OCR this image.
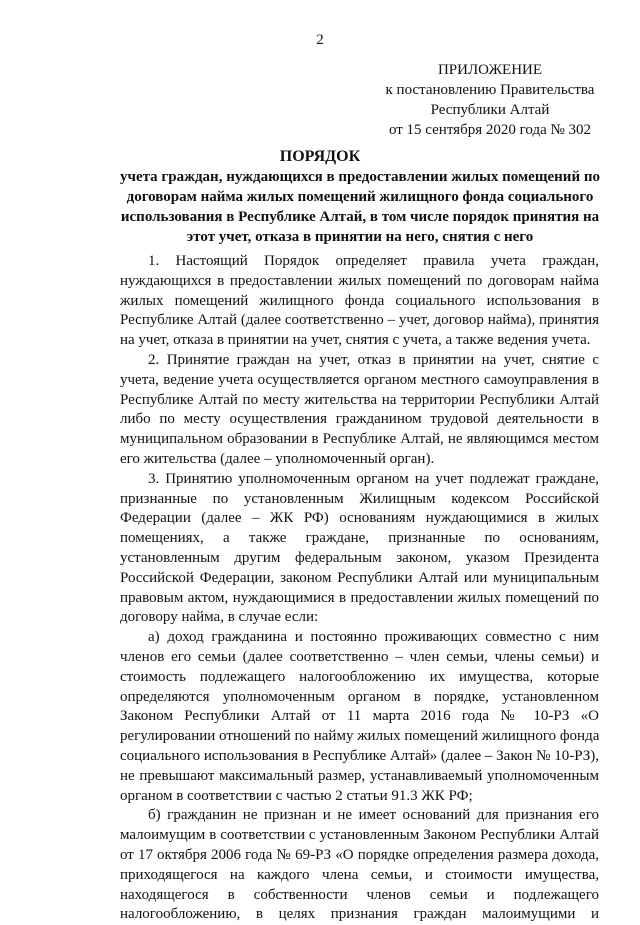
2
ПРИЛОЖЕНИЕ
к постановлению Правительства
Республики Алтай
от 15 сентября 2020 года № 302
ПОРЯДОК
учета граждан, нуждающихся в предоставлении жилых помещений по
договорам найма жилых помещений жилищного фонда социального
использования в Республике Алтай, в том числе порядок принятия на
этот учет, отказа в принятии на него, снятия с него
1. Настоящий Порядок определяет правила учета граждан,
нуждающихся в предоставлении жилых помещений по договорам найма
жилых помещений жилищного фонда социального использования в
Республике Алтай (далее соответственно – учет, договор найма), принятия
на учет, отказа в принятии на учет, снятия с учета, а также ведения учета.
2. Принятие граждан на учет, отказ в принятии на учет, снятие с
учета, ведение учета осуществляется органом местного самоуправления в
Республике Алтай по месту жительства на территории Республики Алтай
либо по месту осуществления гражданином трудовой деятельности в
муниципальном образовании в Республике Алтай, не являющимся местом
его жительства (далее – уполномоченный орган).
3. Принятию уполномоченным органом на учет подлежат граждане,
признанные по установленным Жилищным кодексом Российской
Федерации (далее – ЖК РФ) основаниям нуждающимися в жилых
помещениях, а также граждане, признанные по основаниям,
установленным другим федеральным законом, указом Президента
Российской Федерации, законом Республики Алтай или муниципальным
правовым актом, нуждающимися в предоставлении жилых помещений по
договору найма, в случае если:
а) доход гражданина и постоянно проживающих совместно с ним
членов его семьи (далее соответственно – член семьи, члены семьи) и
стоимость подлежащего налогообложению их имущества, которые
определяются уполномоченным органом в порядке, установленном
Законом Республики Алтай от 11 марта 2016 года № 10-РЗ «О
регулировании отношений по найму жилых помещений жилищного фонда
социального использования в Республике Алтай» (далее – Закон № 10-РЗ),
не превышают максимальный размер, устанавливаемый уполномоченным
органом в соответствии с частью 2 статьи 91.3 ЖК РФ;
б) гражданин не признан и не имеет оснований для признания его
малоимущим в соответствии с установленным Законом Республики Алтай
от 17 октября 2006 года № 69-РЗ «О порядке определения размера дохода,
приходящегося на каждого члена семьи, и стоимости имущества,
находящегося в собственности членов семьи и подлежащего
налогообложению, в целях признания граждан малоимущими и
